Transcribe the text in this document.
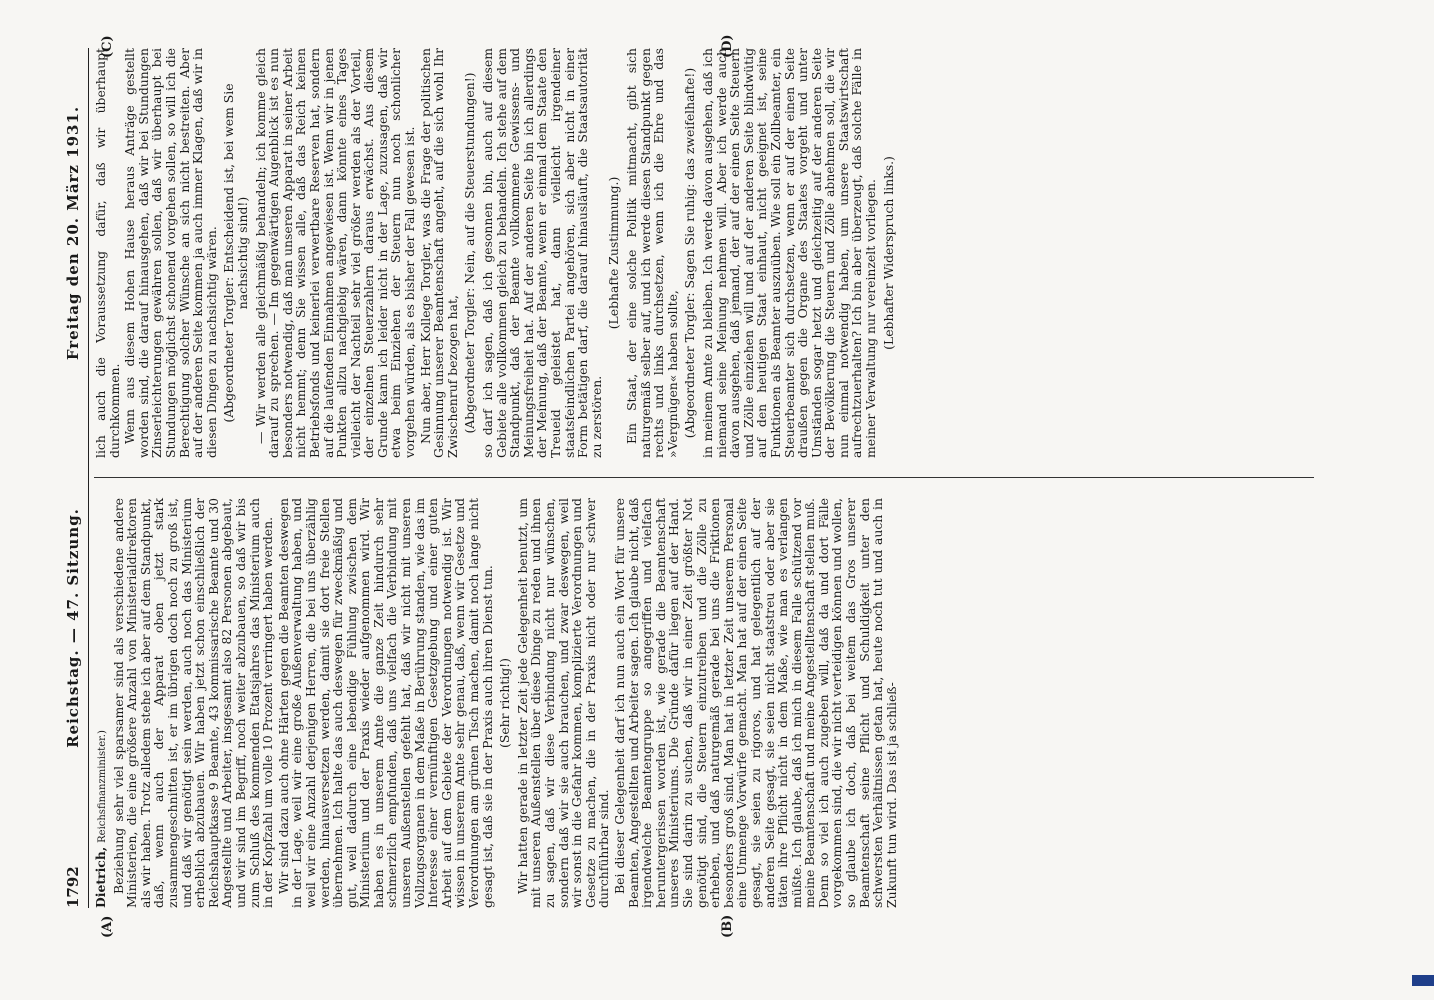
1792
Reichstag. — 47. Sitzung.
Freitag den 20. März 1931.

Dietrich, Reichsfinanzminister.) Beziehung sehr viel sparsamer sind als verschiedene andere Ministerien, die eine größere Anzahl von Ministerialdirektoren als wir haben. Trotz alledem stehe ich aber auf dem Standpunkt, daß, wenn auch der Apparat oben jetzt stark zusammengeschnitten ist, er im übrigen doch noch zu groß ist, und daß wir genötigt sein werden, auch noch das Ministerium erheblich abzubauen. Wir haben jetzt schon einschließlich der Reichshauptkasse 9 Beamte, 43 kommissarische Beamte und 30 Angestellte und Arbeiter, insgesamt also 82 Personen abgebaut, und wir sind im Begriff, noch weiter abzubauen, so daß wir bis zum Schluß des kommenden Etatsjahres das Ministerium auch in der Kopfzahl um volle 10 Prozent verringert haben werden. Wir sind dazu auch ohne Härten gegen die Beamten deswegen in der Lage, weil wir eine große Außenverwaltung haben, und weil wir eine Anzahl derjenigen Herren, die bei uns überzählig werden, hinausversetzen werden, damit sie dort freie Stellen übernehmen. Ich halte das auch deswegen für zweckmäßig und gut, weil dadurch eine lebendige Fühlung zwischen dem Ministerium und der Praxis wieder aufgenommen wird. Wir haben es in unserem Amte die ganze Zeit hindurch sehr schmerzlich empfunden, daß uns vielfach die Verbindung mit unseren Außenstellen gefehlt hat, daß wir nicht mit unseren Vollzugsorganen in dem Maße in Berührung standen, wie das im Interesse einer vernünftigen Gesetzgebung und einer guten Arbeit auf dem Gebiete der Verordnungen notwendig ist. Wir wissen in unserem Amte sehr genau, daß, wenn wir Gesetze und Verordnungen am grünen Tisch machen, damit noch lange nicht gesagt ist, daß sie in der Praxis auch ihren Dienst tun. (Sehr richtig!) Wir hatten gerade in letzter Zeit jede Gelegenheit benutzt, um mit unseren Außenstellen über diese Dinge zu reden und ihnen zu sagen, daß wir diese Verbindung nicht nur wünschen, sondern daß wir sie auch brauchen, und zwar deswegen, weil wir sonst in die Gefahr kommen, komplizierte Verordnungen und Gesetze zu machen, die in der Praxis nicht oder nur schwer durchführbar sind. Bei dieser Gelegenheit darf ich nun auch ein Wort für unsere Beamten, Angestellten und Arbeiter sagen. Ich glaube nicht, daß irgendwelche Beamtengruppe so angegriffen und vielfach heruntergerissen worden ist, wie gerade die Beamtenschaft unseres Ministeriums. Die Gründe dafür liegen auf der Hand. Sie sind darin zu suchen, daß wir in einer Zeit größter Not genötigt sind, die Steuern einzutreiben und die Zölle zu erheben, und daß naturgemäß gerade bei uns die Friktionen besonders groß sind. Man hat in letzter Zeit unserem Personal eine Unmenge Vorwürfe gemacht. Man hat auf der einen Seite gesagt, sie seien zu rigoros, und hat gelegentlich auf der anderen Seite gesagt, sie seien nicht staatstreu oder aber sie täten ihre Pflicht nicht in dem Maße, wie man es verlangen müßte. Ich glaube, daß ich mich in diesem Falle schützend vor meine Beamtenschaft und meine Angestelltenschaft stellen muß. Denn so viel ich auch zugeben will, daß da und dort Fälle vorgekommen sind, die wir nicht verteidigen können und wollen, so glaube ich doch, daß bei weitem das Gros unserer Beamtenschaft seine Pflicht und Schuldigkeit unter den schwersten Verhältnissen getan hat, heute noch tut und auch in Zukunft tun wird. Das ist ja schließ-

lich auch die Voraussetzung dafür, daß wir überhaupt durchkommen. Wenn aus diesem Hohen Hause heraus Anträge gestellt worden sind, die darauf hinausgehen, daß wir bei Stundungen Zinserleichterungen gewähren sollen, daß wir überhaupt bei Stundungen möglichst schonend vorgehen sollen, so will ich die Berechtigung solcher Wünsche an sich nicht bestreiten. Aber auf der anderen Seite kommen ja auch immer Klagen, daß wir in diesen Dingen zu nachsichtig wären. (Abgeordneter Torgler: Entscheidend ist, bei wem Sie nachsichtig sind!) — Wir werden alle gleichmäßig behandeln; ich komme gleich darauf zu sprechen. — Im gegenwärtigen Augenblick ist es nun besonders notwendig, daß man unseren Apparat in seiner Arbeit nicht hemmt; denn Sie wissen alle, daß das Reich keinen Betriebsfonds und keinerlei verwertbare Reserven hat, sondern auf die laufenden Einnahmen angewiesen ist. Wenn wir in jenen Punkten allzu nachgiebig wären, dann könnte eines Tages vielleicht der Nachteil sehr viel größer werden als der Vorteil, der einzelnen Steuerzahlern daraus erwächst. Aus diesem Grunde kann ich leider nicht in der Lage, zuzusagen, daß wir etwa beim Einziehen der Steuern nun noch schonlicher vorgehen würden, als es bisher der Fall gewesen ist. Nun aber, Herr Kollege Torgler, was die Frage der politischen Gesinnung unserer Beamtenschaft angeht, auf die sich wohl Ihr Zwischenruf bezogen hat, (Abgeordneter Torgler: Nein, auf die Steuerstundungen!) so darf ich sagen, daß ich gesonnen bin, auch auf diesem Gebiete alle vollkommen gleich zu behandeln. Ich stehe auf dem Standpunkt, daß der Beamte vollkommene Gewissens- und Meinungsfreiheit hat. Auf der anderen Seite bin ich allerdings der Meinung, daß der Beamte, wenn er einmal dem Staate den Treueid geleistet hat, dann vielleicht irgendeiner staatsfeindlichen Partei angehören, sich aber nicht in einer Form betätigen darf, die darauf hinausläuft, die Staatsautorität zu zerstören.

(Lebhafte Zustimmung.) Ein Staat, der eine solche Politik mitmacht, gibt sich naturgemäß selber auf, und ich werde diesen Standpunkt gegen rechts und links durchsetzen, wenn ich die Ehre und das »Vergnügen« haben sollte, (Abgeordneter Torgler: Sagen Sie ruhig: das zweifelhafte!) in meinem Amte zu bleiben. Ich werde davon ausgehen, daß ich niemand seine Meinung nehmen will. Aber ich werde auch davon ausgehen, daß jemand, der auf der einen Seite Steuern und Zölle einziehen will und auf der anderen Seite blindwütig auf den heutigen Staat einhaut, nicht geeignet ist, seine Funktionen als Beamter auszuüben. Wie soll ein Zollbeamter, ein Steuerbeamter sich durchsetzen, wenn er auf der einen Seite draußen gegen die Organe des Staates vorgeht und unter Umständen sogar hetzt und gleichzeitig auf der anderen Seite der Bevölkerung die Steuern und Zölle abnehmen soll, die wir nun einmal notwendig haben, um unsere Staatswirtschaft aufrechtzuerhalten? Ich bin aber überzeugt, daß solche Fälle in meiner Verwaltung nur vereinzelt vorliegen. (Lebhafter Widerspruch links.)

(A)	(B)
(C)	(D)
